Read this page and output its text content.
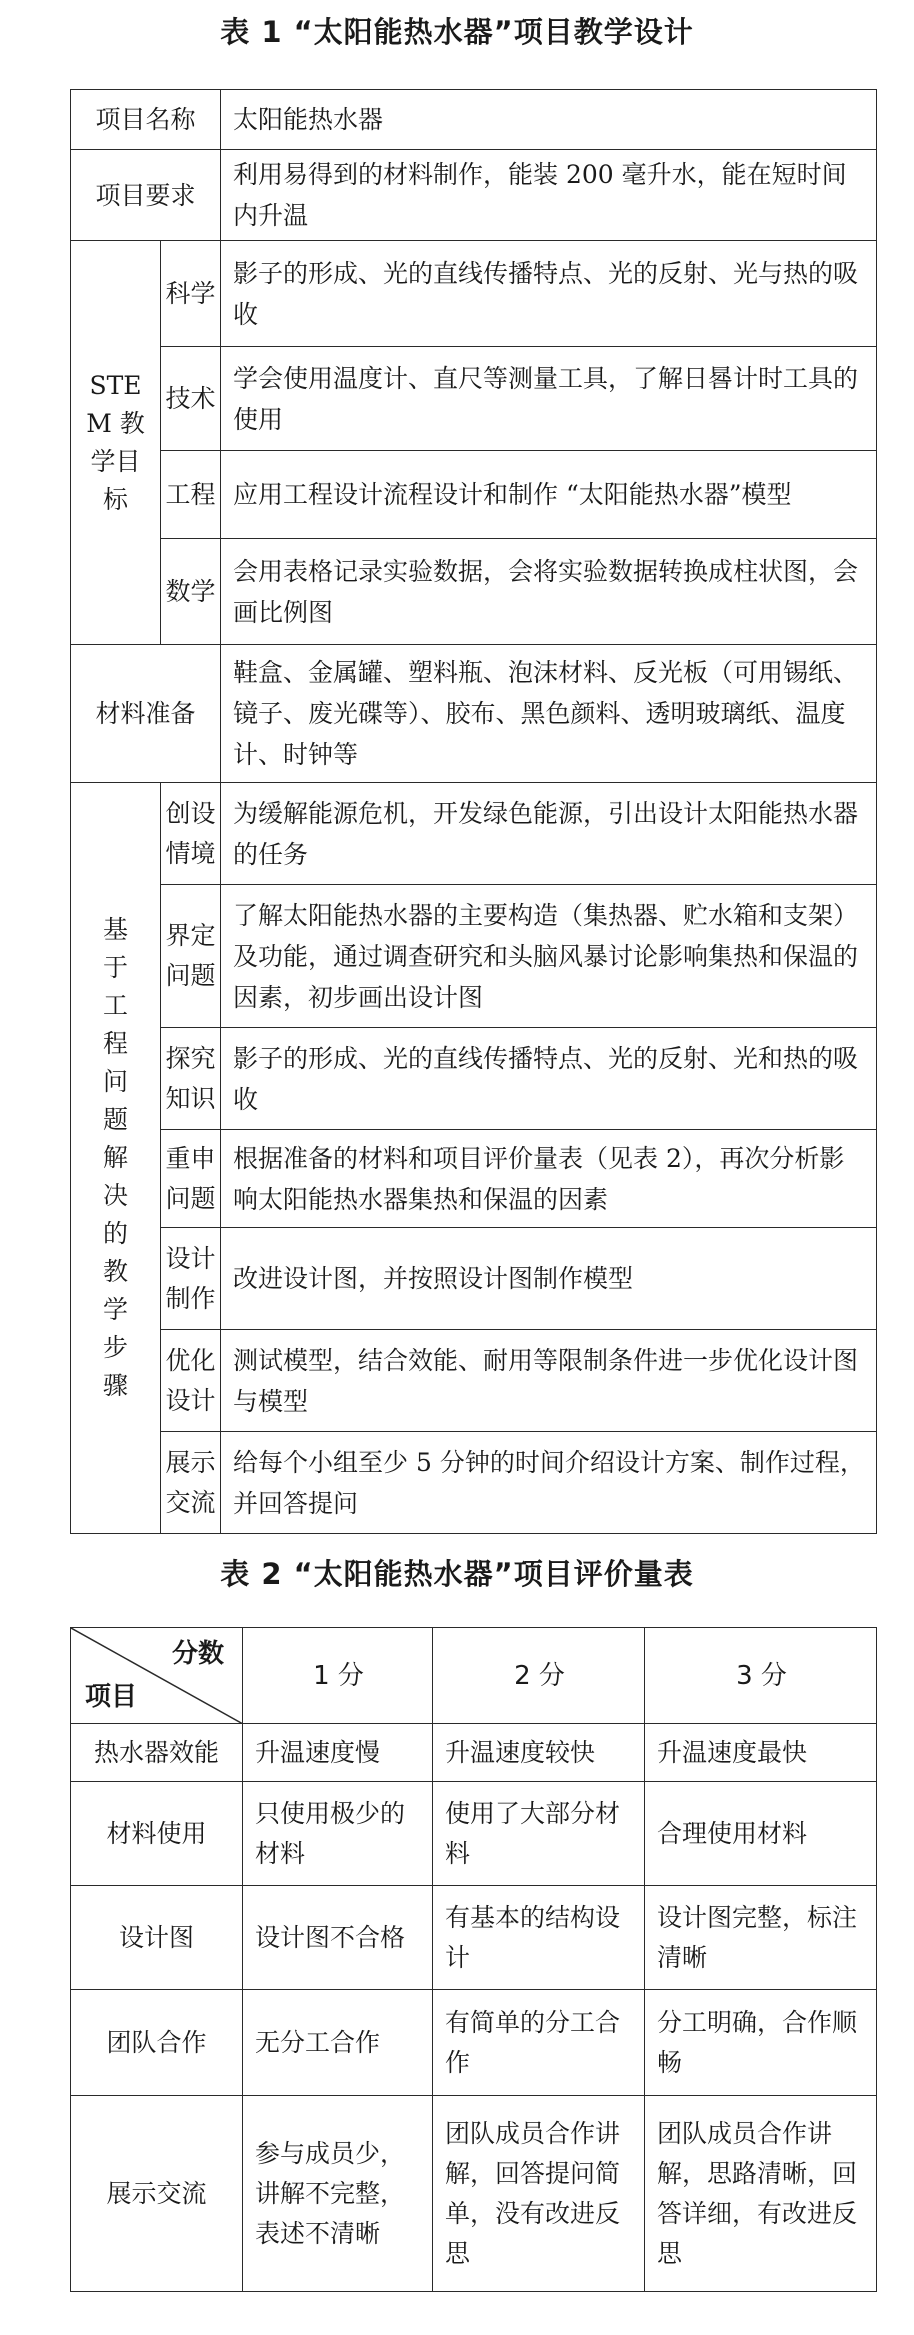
表 1 “太阳能热水器”项目教学设计
项目名称		太阳能热水器
项目要求		利用易得到的材料制作，能装 200 毫升水，能在短时间内升温
STEM 教学目标	科学	影子的形成、光的直线传播特点、光的反射、光与热的吸收
	技术	学会使用温度计、直尺等测量工具，了解日晷计时工具的使用
	工程	应用工程设计流程设计和制作 “太阳能热水器”模型
	数学	会用表格记录实验数据，会将实验数据转换成柱状图，会画比例图
材料准备		鞋盒、金属罐、塑料瓶、泡沫材料、反光板（可用锡纸、镜子、废光碟等）、胶布、黑色颜料、透明玻璃纸、温度计、时钟等
基于工程问题解决的教学步骤	创设情境	为缓解能源危机，开发绿色能源，引出设计太阳能热水器的任务
	界定问题	了解太阳能热水器的主要构造（集热器、贮水箱和支架）及功能，通过调查研究和头脑风暴讨论影响集热和保温的因素，初步画出设计图
	探究知识	影子的形成、光的直线传播特点、光的反射、光和热的吸收
	重申问题	根据准备的材料和项目评价量表（见表 2），再次分析影响太阳能热水器集热和保温的因素
	设计制作	改进设计图，并按照设计图制作模型
	优化设计	测试模型，结合效能、耐用等限制条件进一步优化设计图与模型
	展示交流	给每个小组至少 5 分钟的时间介绍设计方案、制作过程，并回答提问
表 2 “太阳能热水器”项目评价量表
分数
项目	1 分	2 分	3 分
热水器效能	升温速度慢	升温速度较快	升温速度最快
材料使用	只使用极少的材料	使用了大部分材料	合理使用材料
设计图	设计图不合格	有基本的结构设计	设计图完整，标注清晰
团队合作	无分工合作	有简单的分工合作	分工明确，合作顺畅
展示交流	参与成员少，讲解不完整，表述不清晰	团队成员合作讲解，回答提问简单，没有改进反思	团队成员合作讲解，思路清晰，回答详细，有改进反思
